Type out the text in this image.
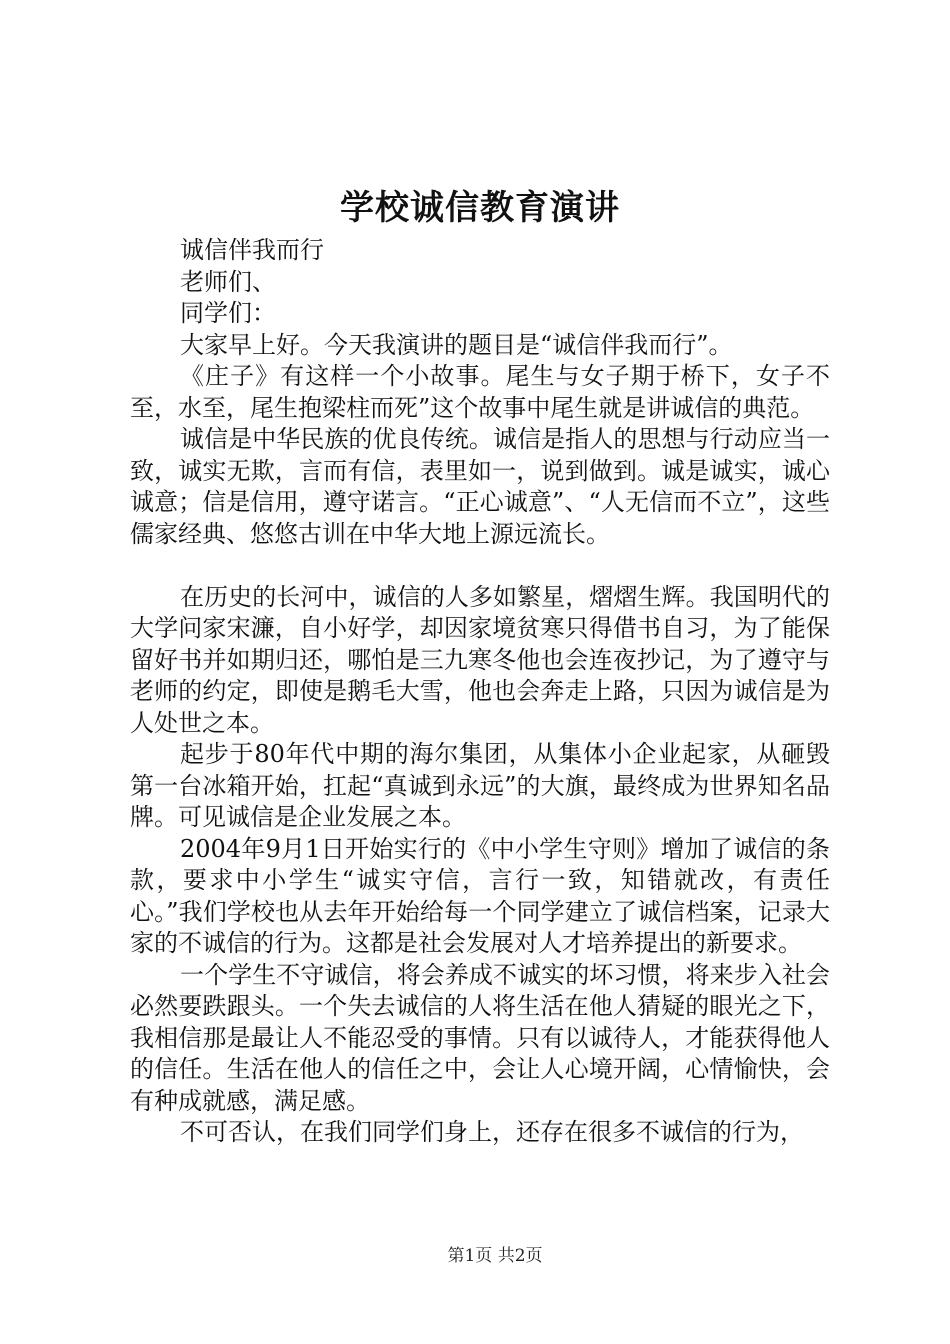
学校诚信教育演讲

诚信伴我而行

老师们、

同学们：

大家早上好。今天我演讲的题目是“诚信伴我而行”。

《庄子》有这样一个小故事。尾生与女子期于桥下，女子不至，水至，尾生抱梁柱而死”这个故事中尾生就是讲诚信的典范。

诚信是中华民族的优良传统。诚信是指人的思想与行动应当一致，诚实无欺，言而有信，表里如一，说到做到。诚是诚实，诚心诚意；信是信用，遵守诺言。“正心诚意”、“人无信而不立”，这些儒家经典、悠悠古训在中华大地上源远流长。

在历史的长河中，诚信的人多如繁星，熠熠生辉。我国明代的大学问家宋濂，自小好学，却因家境贫寒只得借书自习，为了能保留好书并如期归还，哪怕是三九寒冬他也会连夜抄记，为了遵守与老师的约定，即使是鹅毛大雪，他也会奔走上路，只因为诚信是为人处世之本。

起步于80年代中期的海尔集团，从集体小企业起家，从砸毁第一台冰箱开始，扛起“真诚到永远”的大旗，最终成为世界知名品牌。可见诚信是企业发展之本。

2004年9月1日开始实行的《中小学生守则》增加了诚信的条款，要求中小学生“诚实守信，言行一致，知错就改，有责任心。”我们学校也从去年开始给每一个同学建立了诚信档案，记录大家的不诚信的行为。这都是社会发展对人才培养提出的新要求。

一个学生不守诚信，将会养成不诚实的坏习惯，将来步入社会必然要跌跟头。一个失去诚信的人将生活在他人猜疑的眼光之下，我相信那是最让人不能忍受的事情。只有以诚待人，才能获得他人的信任。生活在他人的信任之中，会让人心境开阔，心情愉快，会有种成就感，满足感。

不可否认，在我们同学们身上，还存在很多不诚信的行为，

第1页 共2页
